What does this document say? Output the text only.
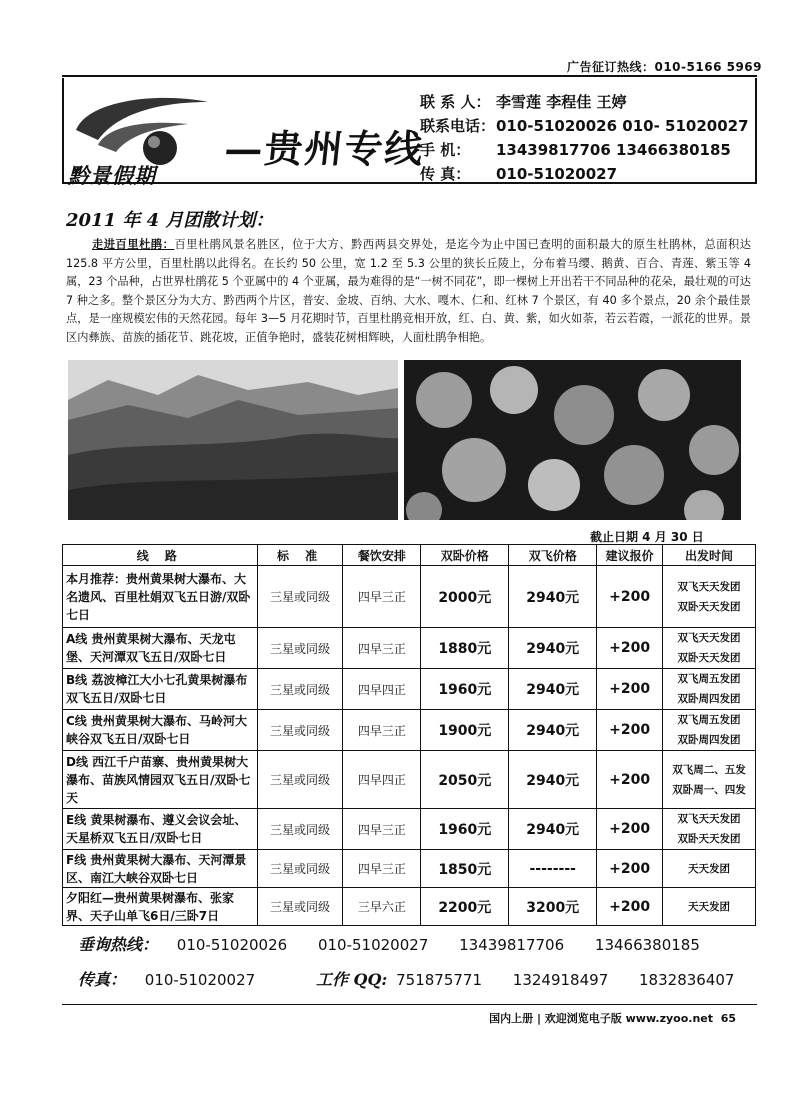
广告征订热线：010-5166 5969
黔景假期
—贵州专线
联 系 人： 李雪莲 李程佳 王婷
联系电话：010-51020026 010- 51020027
手 机： 13439817706 13466380185
传 真： 010-51020027
2011 年 4 月团散计划：
走进百里杜鹃：百里杜鹃风景名胜区，位于大方、黔西两县交界处，是迄今为止中国已查明的面积最大的原生杜鹃林，总面积达 125.8 平方公里，百里杜鹃以此得名。在长约 50 公里，宽 1.2 至 5.3 公里的狭长丘陵上，分布着马缨、鹅黄、百合、青莲、紫玉等 4 属，23 个品种，占世界杜鹃花 5 个亚属中的 4 个亚属，最为难得的是“一树不同花”，即一棵树上开出若干不同品种的花朵，最壮观的可达 7 种之多。整个景区分为大方、黔西两个片区，普安、金坡、百纳、大水、嘎木、仁和、红林 7 个景区，有 40 多个景点，20 余个最佳景点，是一座规模宏伟的天然花园。每年 3—5 月花期时节，百里杜鹃竞相开放，红、白、黄、紫，如火如荼，若云若霞，一派花的世界。景区内彝族、苗族的插花节、跳花坡，正值争艳时，盛装花树相辉映，人面杜鹃争相艳。
截止日期 4 月 30 日
线 路	标 准	餐饮安排	双卧价格	双飞价格	建议报价	出发时间
本月推荐：贵州黄果树大瀑布、大名遗风、百里杜娟双飞五日游/双卧七日	三星或同级	四早三正	2000元	2940元	+200	双飞天天发团
双卧天天发团

A线 贵州黄果树大瀑布、天龙屯堡、天河潭双飞五日/双卧七日	三星或同级	四早三正	1880元	2940元	+200	双飞天天发团
双卧天天发团

B线 荔波樟江大小七孔黄果树瀑布双飞五日/双卧七日	三星或同级	四早四正	1960元	2940元	+200	双飞周五发团
双卧周四发团

C线 贵州黄果树大瀑布、马岭河大峡谷双飞五日/双卧七日	三星或同级	四早三正	1900元	2940元	+200	双飞周五发团
双卧周四发团

D线 西江千户苗寨、贵州黄果树大瀑布、苗族风情园双飞五日/双卧七天	三星或同级	四早四正	2050元	2940元	+200	双飞周二、五发
双卧周一、四发

E线 黄果树瀑布、遵义会议会址、天星桥双飞五日/双卧七日	三星或同级	四早三正	1960元	2940元	+200	双飞天天发团
双卧天天发团

F线 贵州黄果树大瀑布、天河潭景区、南江大峡谷双卧七日	三星或同级	四早三正	1850元	--------	+200	天天发团

夕阳红—贵州黄果树瀑布、张家界、天子山单飞6日/三卧7日	三星或同级	三早六正	2200元	3200元	+200	天天发团
垂询热线： 010-51020026 010-51020027 13439817706 13466380185
传真： 010-51020027	工作 QQ: 751875771 1324918497 1832836407
国内上册 | 欢迎浏览电子版 www.zyoo.net 65
